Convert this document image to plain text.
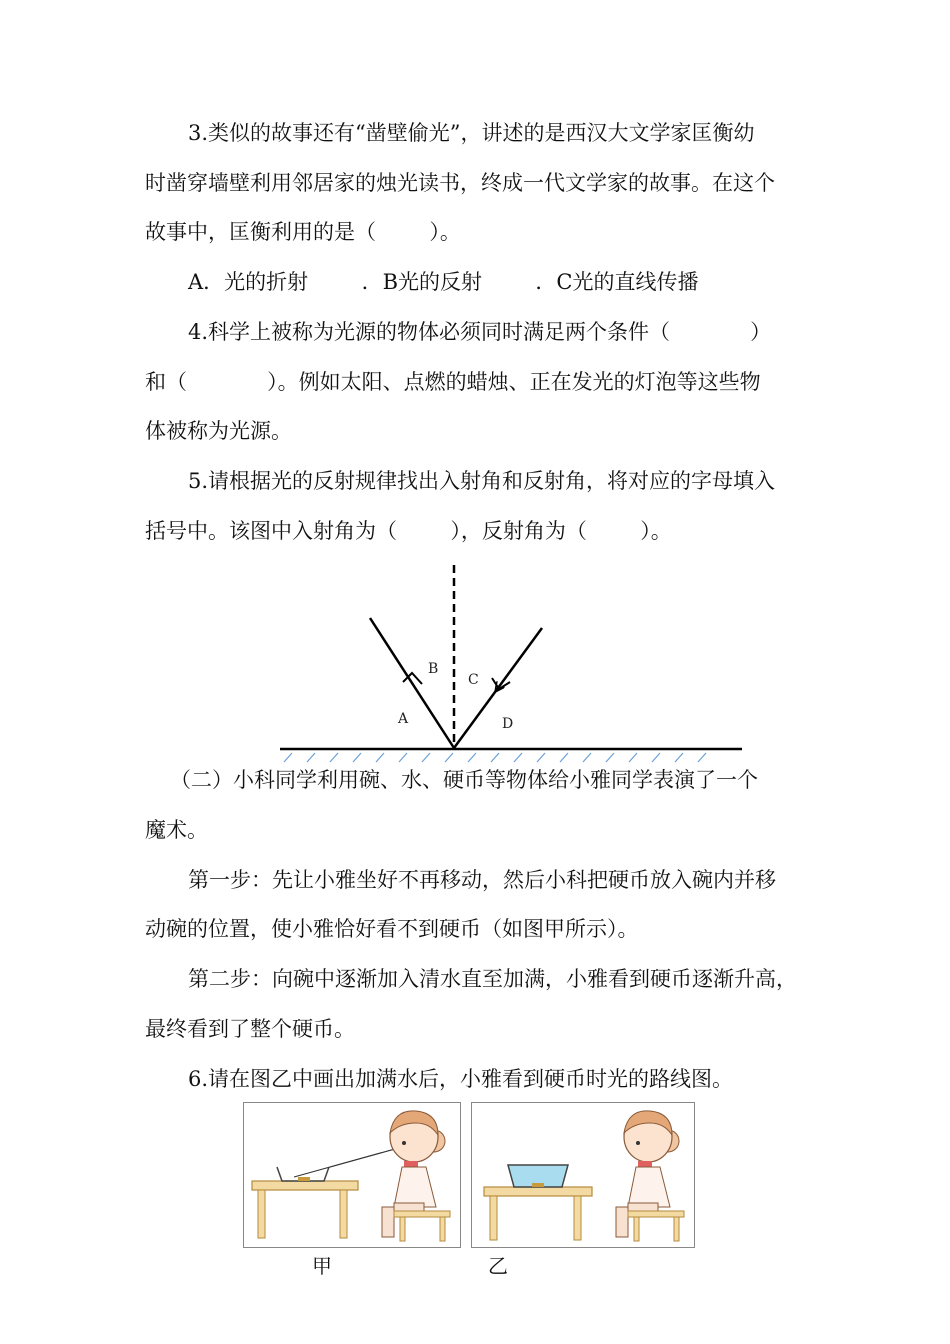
3.类似的故事还有“凿壁偷光”，讲述的是西汉大文学家匡衡幼
时凿穿墙壁利用邻居家的烛光读书，终成一代文学家的故事。在这个
故事中，匡衡利用的是（        ）。
A．光的折射        ．B光的反射        ．C光的直线传播
4.科学上被称为光源的物体必须同时满足两个条件（            ）
和（            ）。例如太阳、点燃的蜡烛、正在发光的灯泡等这些物
体被称为光源。
5.请根据光的反射规律找出入射角和反射角，将对应的字母填入
括号中。该图中入射角为（        ），反射角为（        ）。
A
B
C
D
（二）小科同学利用碗、水、硬币等物体给小雅同学表演了一个
魔术。
第一步：先让小雅坐好不再移动，然后小科把硬币放入碗内并移
动碗的位置，使小雅恰好看不到硬币（如图甲所示）。
第二步：向碗中逐渐加入清水直至加满，小雅看到硬币逐渐升高，
最终看到了整个硬币。
6.请在图乙中画出加满水后，小雅看到硬币时光的路线图。
甲	乙
